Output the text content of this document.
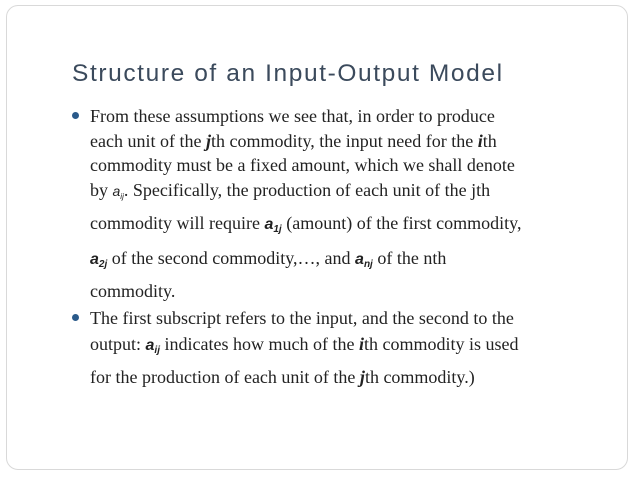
Structure of an Input-Output Model
From these assumptions we see that, in order to produce
each unit of the jth commodity, the input need for the ith
commodity must be a fixed amount, which we shall denote
by $a_{ij}$. Specifically, the production of each unit of the jth
commodity will require $a_{1j}$ (amount) of the first commodity,
$a_{2j}$ of the second commodity,…, and $a_{nj}$ of the nth
commodity.
The first subscript refers to the input, and the second to the
output: $a_{ij}$ indicates how much of the ith commodity is used
for the production of each unit of the jth commodity.)
